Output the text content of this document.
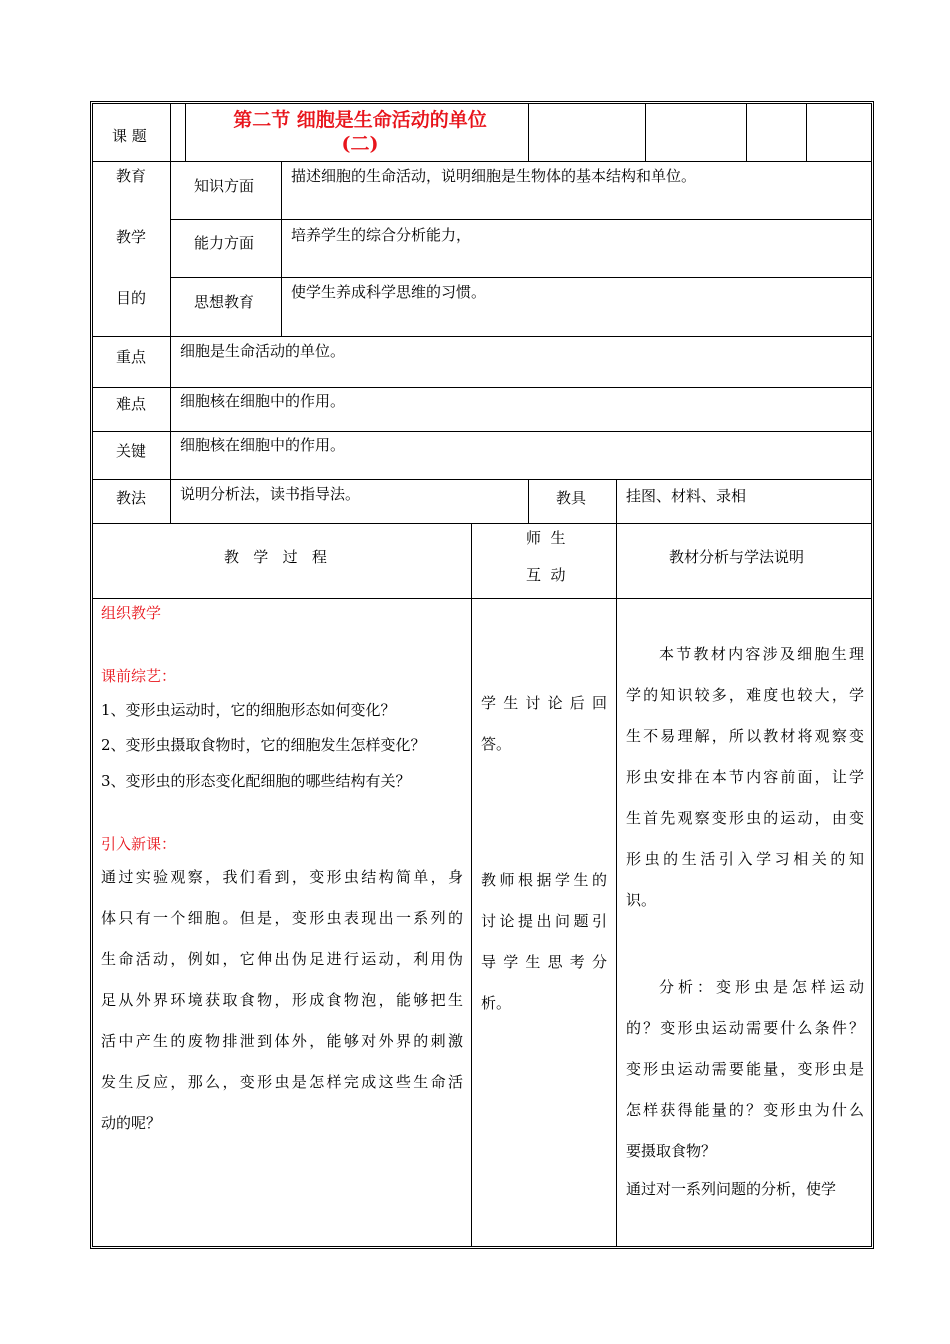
课 题
第二节 细胞是生命活动的单位
(二)
教育
教学
目的
知识方面
描述细胞的生命活动，说明细胞是生物体的基本结构和单位。
能力方面 培养学生的综合分析能力，
思想教育
使学生养成科学思维的习惯。
重点 细胞是生命活动的单位。
难点 细胞核在细胞中的作用。
关键 细胞核在细胞中的作用。
教法 说明分析法，读书指导法。	教具	挂图、材料、录相
教   学   过   程
师  生
互  动
教材分析与学法说明
组织教学
课前综艺：
1、变形虫运动时，它的细胞形态如何变化？
2、变形虫摄取食物时，它的细胞发生怎样变化？
3、变形虫的形态变化配细胞的哪些结构有关？
引入新课：
通过实验观察，我们看到，变形虫结构简单，身
体只有一个细胞。但是，变形虫表现出一系列的
生命活动，例如，它伸出伪足进行运动，利用伪
足从外界环境获取食物，形成食物泡，能够把生
活中产生的废物排泄到体外，能够对外界的刺激
发生反应，那么，变形虫是怎样完成这些生命活
动的呢？
学 生 讨 论 后 回
答。
教师根据学生的
讨论提出问题引
导 学 生 思 考 分
析。
本节教材内容涉及细胞生理
学的知识较多，难度也较大，学
生不易理解，所以教材将观察变
形虫安排在本节内容前面，让学
生首先观察变形虫的运动，由变
形虫的生活引入学习相关的知
识。
分析：变形虫是怎样运动
的？变形虫运动需要什么条件？
变形虫运动需要能量，变形虫是
怎样获得能量的？变形虫为什么
要摄取食物？
通过对一系列问题的分析，使学
